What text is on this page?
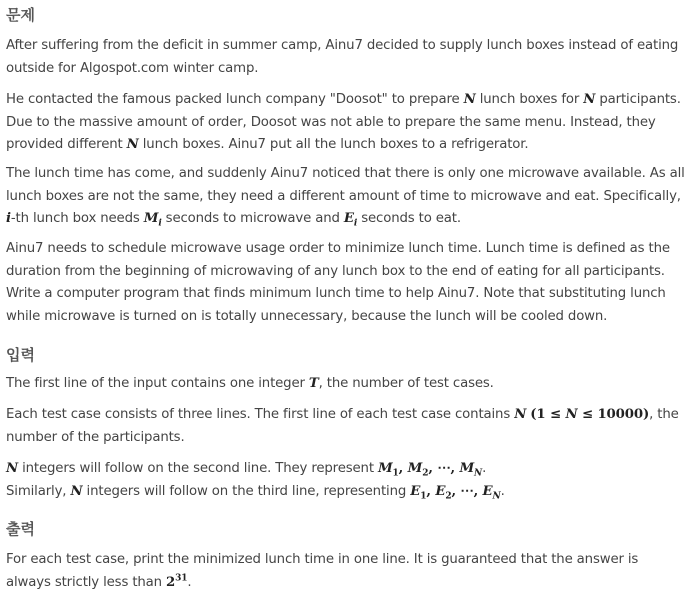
문제

After suffering from the deficit in summer camp, Ainu7 decided to supply lunch boxes instead of eating outside for Algospot.com winter camp.

He contacted the famous packed lunch company "Doosot" to prepare N lunch boxes for N participants. Due to the massive amount of order, Doosot was not able to prepare the same menu. Instead, they provided different N lunch boxes. Ainu7 put all the lunch boxes to a refrigerator.

The lunch time has come, and suddenly Ainu7 noticed that there is only one microwave available. As all lunch boxes are not the same, they need a different amount of time to microwave and eat. Specifically, i-th lunch box needs $M_i$ seconds to microwave and $E_i$ seconds to eat.

Ainu7 needs to schedule microwave usage order to minimize lunch time. Lunch time is defined as the duration from the beginning of microwaving of any lunch box to the end of eating for all participants. Write a computer program that finds minimum lunch time to help Ainu7. Note that substituting lunch while microwave is turned on is totally unnecessary, because the lunch will be cooled down.

입력

The first line of the input contains one integer T, the number of test cases.

Each test case consists of three lines. The first line of each test case contains N (1 ≤ N ≤ 10000), the number of the participants.

N integers will follow on the second line. They represent $M_1$, $M_2$, ⋯, $M_N$.
Similarly, N integers will follow on the third line, representing $E_1$, $E_2$, ⋯, $E_N$.

출력

For each test case, print the minimized lunch time in one line. It is guaranteed that the answer is always strictly less than $2^{31}$.
